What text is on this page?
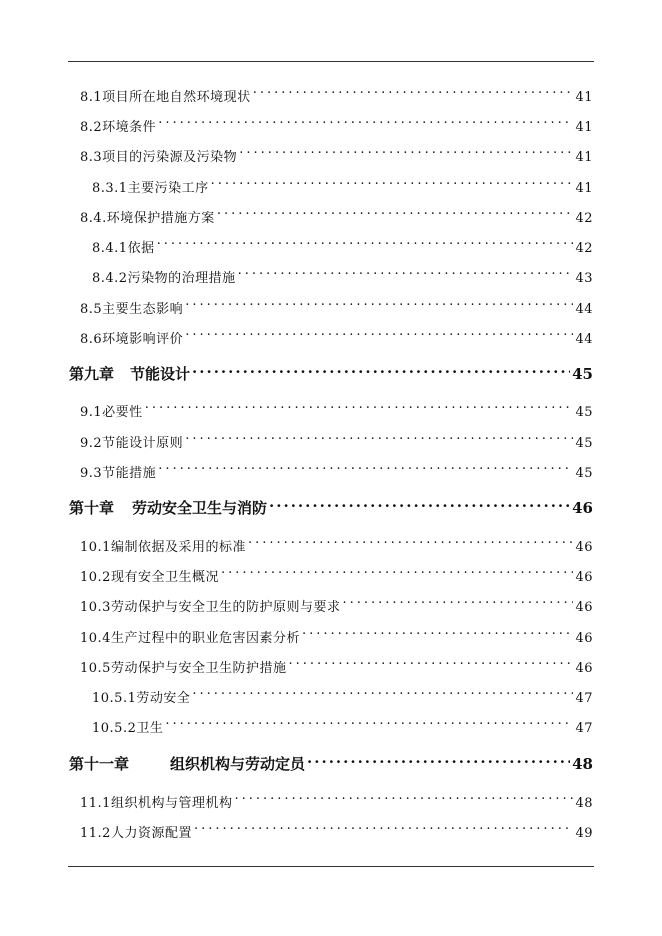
8.1项目所在地自然环境现状 .....	41
8.2环境条件 .....	41
8.3项目的污染源及污染物 .....	41
8.3.1主要污染工序 .....	41
8.4.环境保护措施方案 .....	42
8.4.1依据 .....	42
8.4.2污染物的治理措施 .....	43
8.5主要生态影响 .....	44
8.6环境影响评价 .....	44
第九章 节能设计 .....	45
9.1必要性 .....	45
9.2节能设计原则 .....	45
9.3节能措施 .....	45
第十章 劳动安全卫生与消防 .....	46
10.1编制依据及采用的标准 .....	46
10.2现有安全卫生概况 .....	46
10.3劳动保护与安全卫生的防护原则与要求 .....	46
10.4生产过程中的职业危害因素分析 .....	46
10.5劳动保护与安全卫生防护措施 .....	46
10.5.1劳动安全 .....	47
10.5.2卫生 .....	47
第十一章	组织机构与劳动定员 .....	48
11.1组织机构与管理机构 .....	48
11.2人力资源配置 .....	49
